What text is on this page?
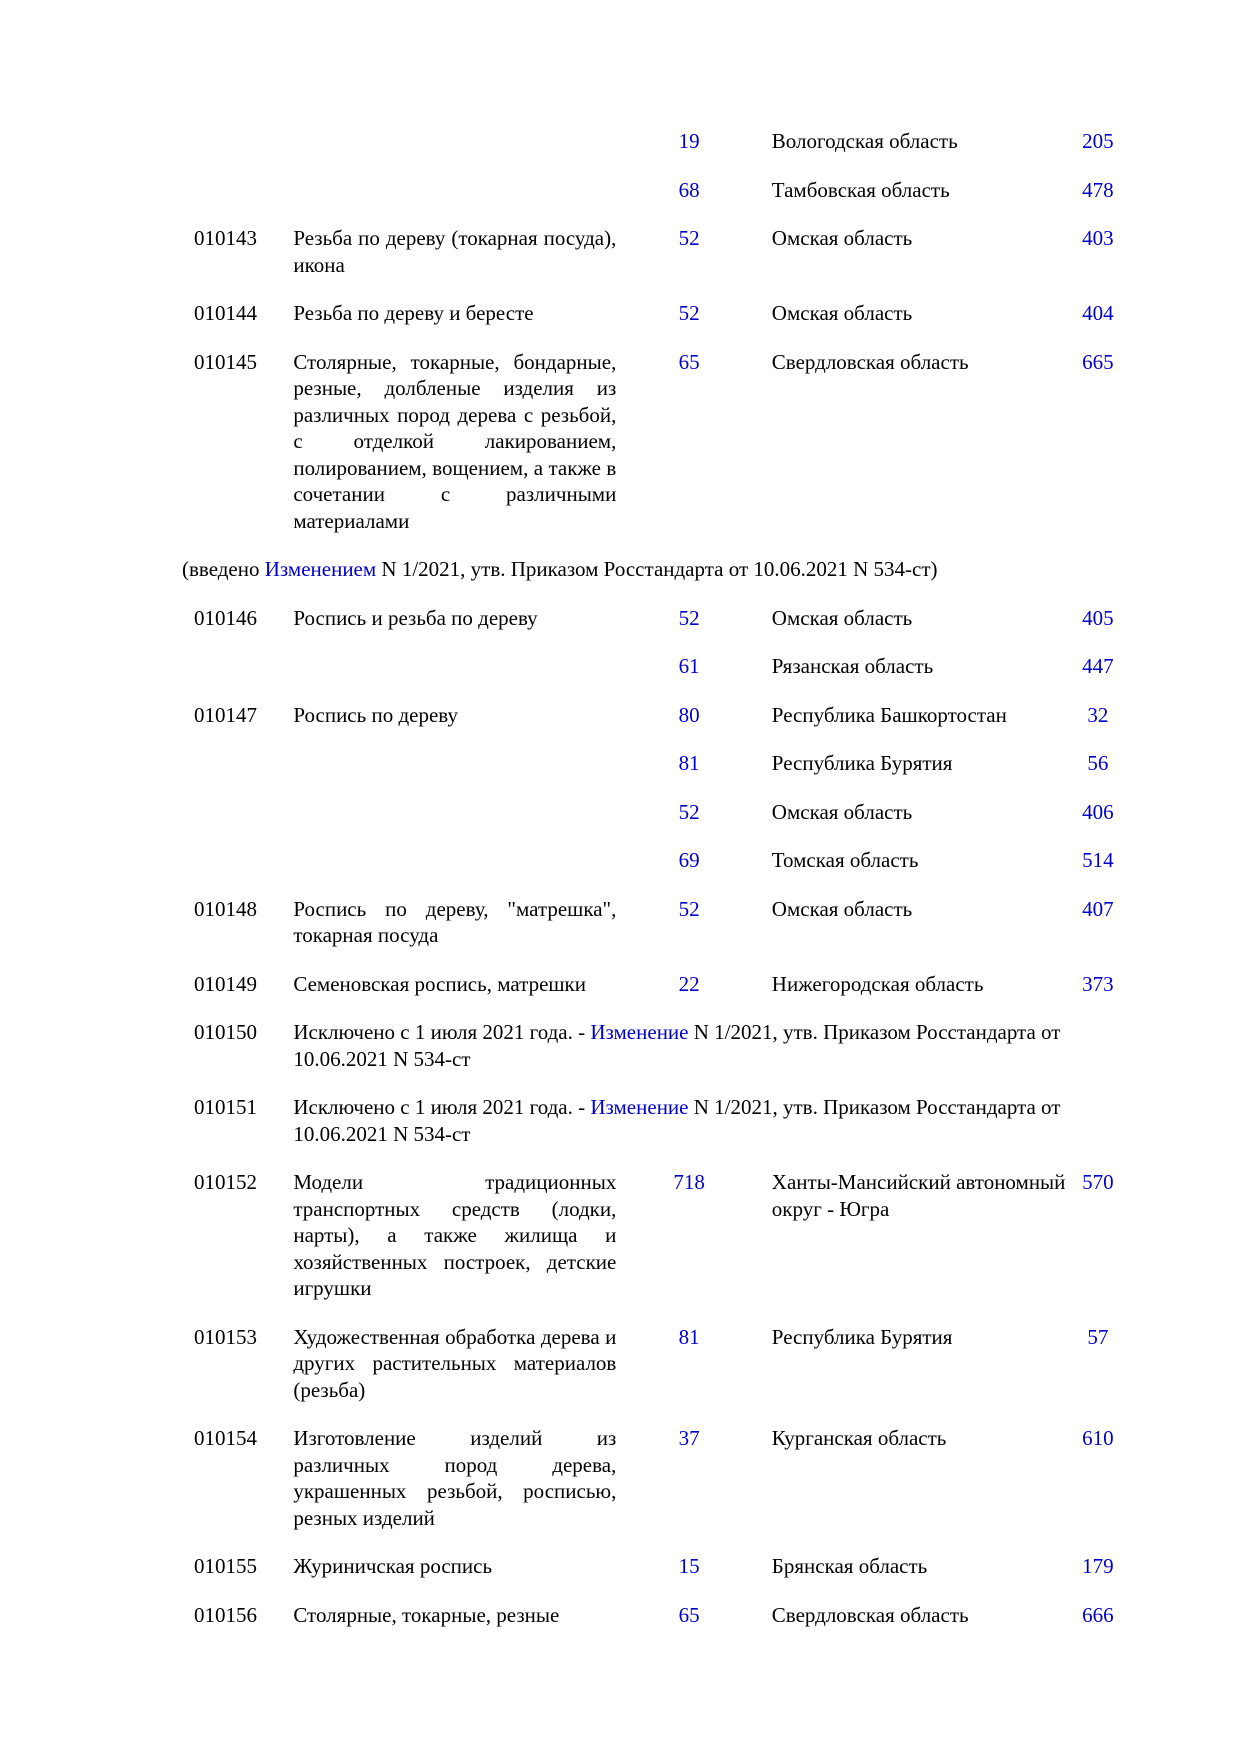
		19	Вологодская область	205
		68	Тамбовская область	478
010143	Резьба по дереву (токарная посуда), икона	52	Омская область	403
010144	Резьба по дереву и бересте	52	Омская область	404
010145	Столярные, токарные, бондарные, резные, долбленые изделия из различных пород дерева с резьбой, с отделкой лакированием, полированием, вощением, а также в сочетании с различными материалами	65	Свердловская область	665
(введено Изменением N 1/2021, утв. Приказом Росстандарта от 10.06.2021 N 534-ст)
010146	Роспись и резьба по дереву	52	Омская область	405
		61	Рязанская область	447
010147	Роспись по дереву	80	Республика Башкортостан	32
		81	Республика Бурятия	56
		52	Омская область	406
		69	Томская область	514
010148	Роспись по дереву, "матрешка", токарная посуда	52	Омская область	407
010149	Семеновская роспись, матрешки	22	Нижегородская область	373
010150	Исключено с 1 июля 2021 года. - Изменение N 1/2021, утв. Приказом Росстандарта от 10.06.2021 N 534-ст
010151	Исключено с 1 июля 2021 года. - Изменение N 1/2021, утв. Приказом Росстандарта от 10.06.2021 N 534-ст
010152	Модели традиционных транспортных средств (лодки, нарты), а также жилища и хозяйственных построек, детские игрушки	718	Ханты-Мансийский автономный округ - Югра	570
010153	Художественная обработка дерева и других растительных материалов (резьба)	81	Республика Бурятия	57
010154	Изготовление изделий из различных пород дерева, украшенных резьбой, росписью, резных изделий	37	Курганская область	610
010155	Журиничская роспись	15	Брянская область	179
010156	Столярные, токарные, резные	65	Свердловская область	666
